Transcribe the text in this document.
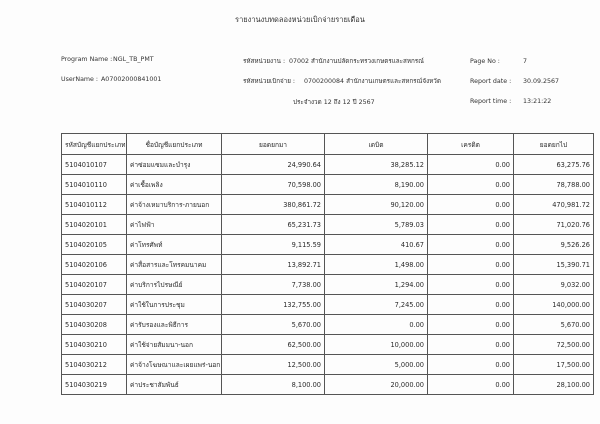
รายงานงบทดลองหน่วยเบิกจ่ายรายเดือน
Program Name : NGL_TB_PMT
UserName : A07002000841001
รหัสหน่วยงาน : 07002 สำนักงานปลัดกระทรวงเกษตรและสหกรณ์
รหัสหน่วยเบิกจ่าย : 0700200084 สำนักงานเกษตรและสหกรณ์จังหวัด
ประจำงวด 12 ถึง 12 ปี 2567
Page No :	7
Report date : 30.09.2567
Report time : 13:21:22
รหัสบัญชีแยกประเภท	ชื่อบัญชีแยกประเภท	ยอดยกมา	เดบิต	เครดิต	ยอดยกไป
5104010107	ค่าซ่อมแซมและบำรุง	24,990.64	38,285.12	0.00	63,275.76
5104010110	ค่าเชื้อเพลิง	70,598.00	8,190.00	0.00	78,788.00
5104010112	ค่าจ้างเหมาบริการ-ภายนอก	380,861.72	90,120.00	0.00	470,981.72
5104020101	ค่าไฟฟ้า	65,231.73	5,789.03	0.00	71,020.76
5104020105	ค่าโทรศัพท์	9,115.59	410.67	0.00	9,526.26
5104020106	ค่าสื่อสารและโทรคมนาคม	13,892.71	1,498.00	0.00	15,390.71
5104020107	ค่าบริการไปรษณีย์	7,738.00	1,294.00	0.00	9,032.00
5104030207	ค่าใช้ในการประชุม	132,755.00	7,245.00	0.00	140,000.00
5104030208	ค่ารับรองและพิธีการ	5,670.00	0.00	0.00	5,670.00
5104030210	ค่าใช้จ่ายสัมมนา-นอก	62,500.00	10,000.00	0.00	72,500.00
5104030212	ค่าจ้างโฆษณาและเผยแพร่-นอก	12,500.00	5,000.00	0.00	17,500.00
5104030219	ค่าประชาสัมพันธ์	8,100.00	20,000.00	0.00	28,100.00
